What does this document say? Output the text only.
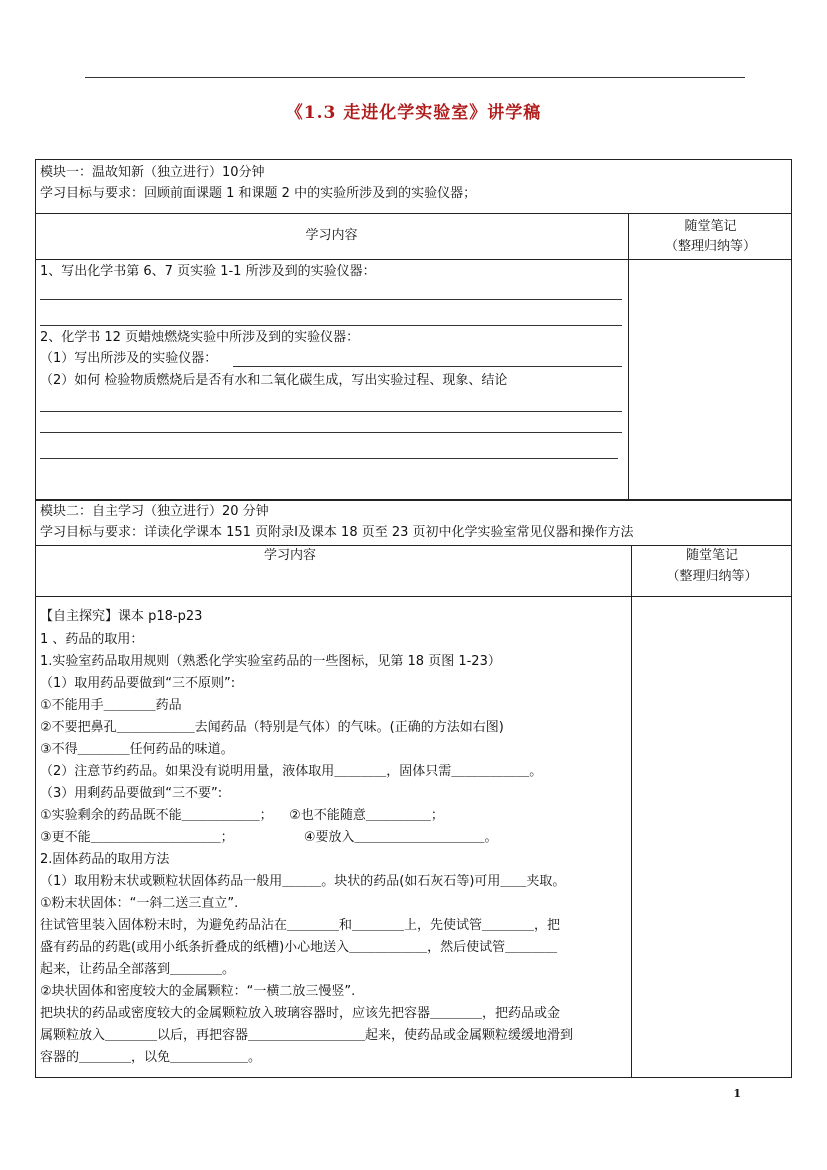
《1.3 走进化学实验室》讲学稿
模块一：温故知新（独立进行）10分钟
学习目标与要求：回顾前面课题 1 和课题 2 中的实验所涉及到的实验仪器；
学习内容
随堂笔记
（整理归纳等）
1、写出化学书第 6、7 页实验 1-1 所涉及到的实验仪器：
2、化学书 12 页蜡烛燃烧实验中所涉及到的实验仪器：
（1）写出所涉及的实验仪器：
（2）如何 检验物质燃烧后是否有水和二氧化碳生成，写出实验过程、现象、结论
模块二：自主学习（独立进行）20 分钟
学习目标与要求：详读化学课本 151 页附录Ⅰ及课本 18 页至 23 页初中化学实验室常见仪器和操作方法
学习内容	随堂笔记
（整理归纳等）
【自主探究】课本 p18-p23
1 、药品的取用：
1.实验室药品取用规则（熟悉化学实验室药品的一些图标，见第 18 页图 1-23）
（1）取用药品要做到“三不原则”:
①不能用手＿＿＿＿药品
②不要把鼻孔＿＿＿＿＿＿去闻药品（特别是气体）的气味。(正确的方法如右图)
③不得＿＿＿＿任何药品的味道。
（2）注意节约药品。如果没有说明用量，液体取用＿＿＿＿，固体只需＿＿＿＿＿＿。
（3）用剩药品要做到“三不要”:
①实验剩余的药品既不能＿＿＿＿＿＿；    ②也不能随意＿＿＿＿＿；
③更不能＿＿＿＿＿＿＿＿＿＿；                 ④要放入＿＿＿＿＿＿＿＿＿＿。
2.固体药品的取用方法
（1）取用粉末状或颗粒状固体药品一般用＿＿＿。块状的药品(如石灰石等)可用＿＿夹取。
①粉末状固体：“一斜二送三直立”.
往试管里装入固体粉末时，为避免药品沾在＿＿＿＿和＿＿＿＿上，先使试管＿＿＿＿，把
盛有药品的药匙(或用小纸条折叠成的纸槽)小心地送入＿＿＿＿＿＿，然后使试管＿＿＿＿
起来，让药品全部落到＿＿＿＿。
②块状固体和密度较大的金属颗粒：“一横二放三慢竖”.
把块状的药品或密度较大的金属颗粒放入玻璃容器时，应该先把容器＿＿＿＿，把药品或金
属颗粒放入＿＿＿＿以后，再把容器＿＿＿＿＿＿＿＿＿起来，使药品或金属颗粒缓缓地滑到
容器的＿＿＿＿，以免＿＿＿＿＿＿。
1
